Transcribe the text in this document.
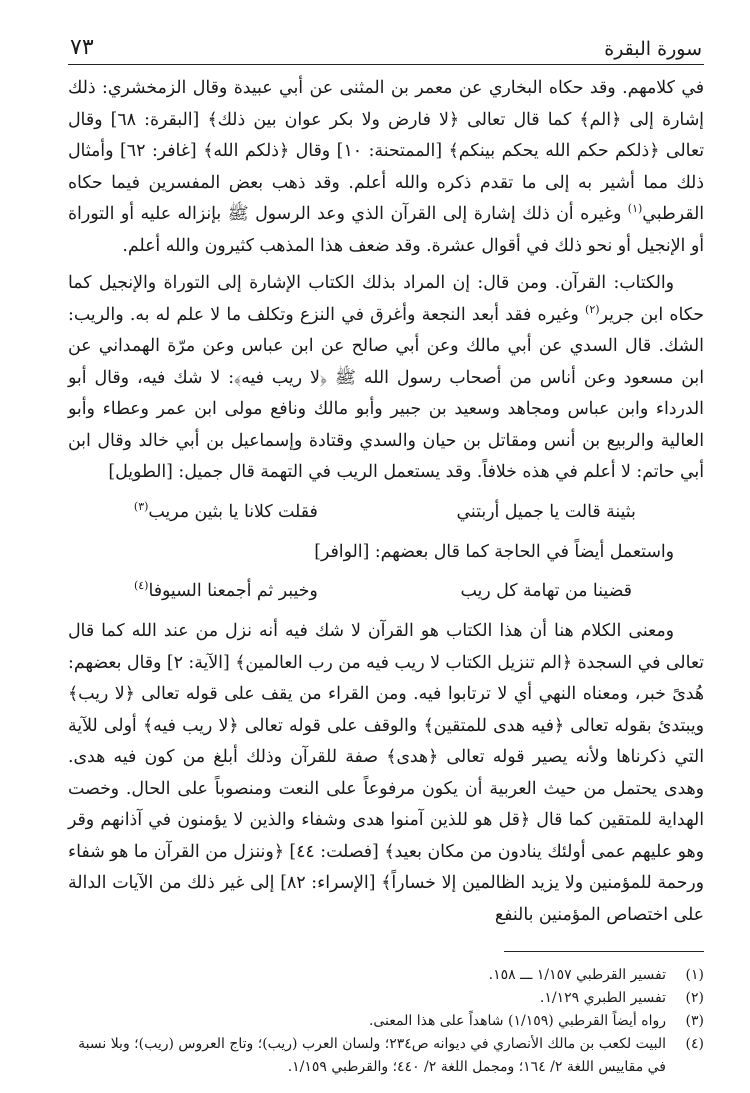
سورة البقرة
٧٣

في كلامهم. وقد حكاه البخاري عن معمر بن المثنى عن أبي عبيدة وقال الزمخشري: ذلك إشارة إلى ﴿الم﴾ كما قال تعالى ﴿لا فارض ولا بكر عوان بين ذلك﴾ [البقرة: ٦٨] وقال تعالى ﴿ذلكم حكم الله يحكم بينكم﴾ [الممتحنة: ١٠] وقال ﴿ذلكم الله﴾ [غافر: ٦٢] وأمثال ذلك مما أشير به إلى ما تقدم ذكره والله أعلم. وقد ذهب بعض المفسرين فيما حكاه القرطبي$^{(١)}$ وغيره أن ذلك إشارة إلى القرآن الذي وعد الرسول ﷺ بإنزاله عليه أو التوراة أو الإنجيل أو نحو ذلك في أقوال عشرة. وقد ضعف هذا المذهب كثيرون والله أعلم.

والكتاب: القرآن. ومن قال: إن المراد بذلك الكتاب الإشارة إلى التوراة والإنجيل كما حكاه ابن جرير$^{(٢)}$ وغيره فقد أبعد النجعة وأغرق في النزع وتكلف ما لا علم له به. والريب: الشك. قال السدي عن أبي مالك وعن أبي صالح عن ابن عباس وعن مرّة الهمداني عن ابن مسعود وعن أناس من أصحاب رسول الله ﷺ ﴿لا ريب فيه﴾: لا شك فيه، وقال أبو الدرداء وابن عباس ومجاهد وسعيد بن جبير وأبو مالك ونافع مولى ابن عمر وعطاء وأبو العالية والربيع بن أنس ومقاتل بن حيان والسدي وقتادة وإسماعيل بن أبي خالد وقال ابن أبي حاتم: لا أعلم في هذه خلافاً. وقد يستعمل الريب في التهمة قال جميل: [الطويل]

بثينة قالت يا جميل أربتني
فقلت كلانا يا بثين مريب$^{(٣)}$

واستعمل أيضاً في الحاجة كما قال بعضهم: [الوافر]

قضينا من تهامة كل ريب
وخيبر ثم أجمعنا السيوفا$^{(٤)}$

ومعنى الكلام هنا أن هذا الكتاب هو القرآن لا شك فيه أنه نزل من عند الله كما قال تعالى في السجدة ﴿الم تنزيل الكتاب لا ريب فيه من رب العالمين﴾ [الآية: ٢] وقال بعضهم: هُدىً خبر، ومعناه النهي أي لا ترتابوا فيه. ومن القراء من يقف على قوله تعالى ﴿لا ريب﴾ ويبتدئ بقوله تعالى ﴿فيه هدى للمتقين﴾ والوقف على قوله تعالى ﴿لا ريب فيه﴾ أولى للآية التي ذكرناها ولأنه يصير قوله تعالى ﴿هدى﴾ صفة للقرآن وذلك أبلغ من كون فيه هدى. وهدى يحتمل من حيث العربية أن يكون مرفوعاً على النعت ومنصوباً على الحال. وخصت الهداية للمتقين كما قال ﴿قل هو للذين آمنوا هدى وشفاء والذين لا يؤمنون في آذانهم وقر وهو عليهم عمى أولئك ينادون من مكان بعيد﴾ [فصلت: ٤٤] ﴿وننزل من القرآن ما هو شفاء ورحمة للمؤمنين ولا يزيد الظالمين إلا خساراً﴾ [الإسراء: ٨٢] إلى غير ذلك من الآيات الدالة على اختصاص المؤمنين بالنفع

(١)
تفسير القرطبي ١/١٥٧ ـــ ١٥٨.
(٢)
تفسير الطبري ١/١٢٩.
(٣)
رواه أيضاً القرطبي (١/١٥٩) شاهداً على هذا المعنى.
(٤)
البيت لكعب بن مالك الأنصاري في ديوانه ص٢٣٤؛ ولسان العرب (ريب)؛ وتاج العروس (ريب)؛ وبلا نسبة في مقاييس اللغة ٢/ ١٦٤؛ ومجمل اللغة ٢/ ٤٤٠؛ والقرطبي ١/١٥٩.
